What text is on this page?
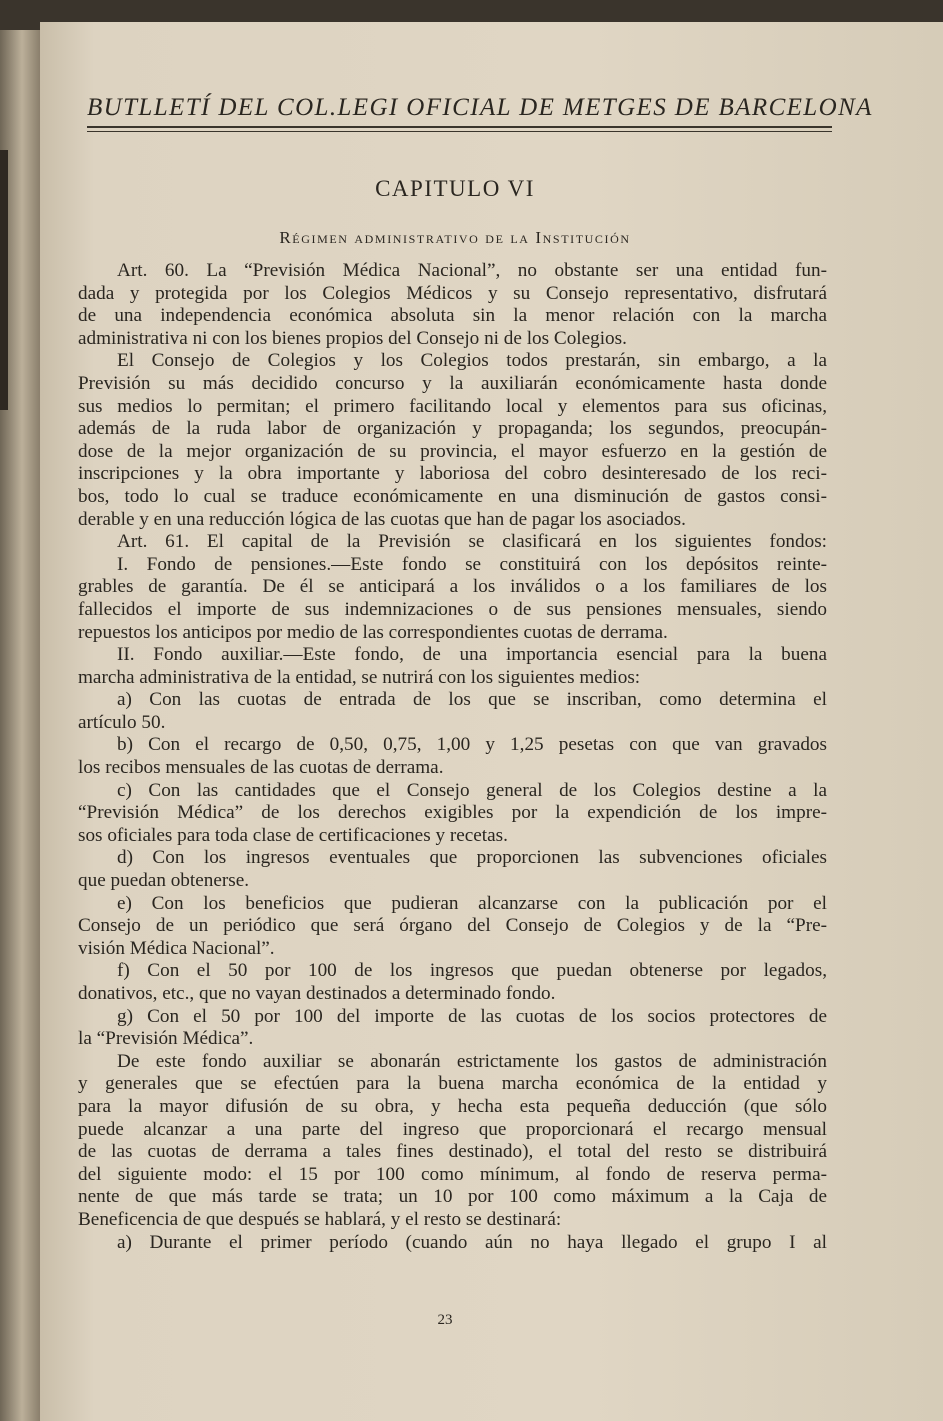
BUTLLETÍ DEL COL.LEGI OFICIAL DE METGES DE BARCELONA
CAPITULO VI
Régimen administrativo de la Institución
Art. 60. La “Previsión Médica Nacional”, no obstante ser una entidad fun-
dada y protegida por los Colegios Médicos y su Consejo representativo, disfrutará
de una independencia económica absoluta sin la menor relación con la marcha
administrativa ni con los bienes propios del Consejo ni de los Colegios.
El Consejo de Colegios y los Colegios todos prestarán, sin embargo, a la
Previsión su más decidido concurso y la auxiliarán económicamente hasta donde
sus medios lo permitan; el primero facilitando local y elementos para sus oficinas,
además de la ruda labor de organización y propaganda; los segundos, preocupán-
dose de la mejor organización de su provincia, el mayor esfuerzo en la gestión de
inscripciones y la obra importante y laboriosa del cobro desinteresado de los reci-
bos, todo lo cual se traduce económicamente en una disminución de gastos consi-
derable y en una reducción lógica de las cuotas que han de pagar los asociados.
Art. 61. El capital de la Previsión se clasificará en los siguientes fondos:
I. Fondo de pensiones.—Este fondo se constituirá con los depósitos reinte-
grables de garantía. De él se anticipará a los inválidos o a los familiares de los
fallecidos el importe de sus indemnizaciones o de sus pensiones mensuales, siendo
repuestos los anticipos por medio de las correspondientes cuotas de derrama.
II. Fondo auxiliar.—Este fondo, de una importancia esencial para la buena
marcha administrativa de la entidad, se nutrirá con los siguientes medios:
a) Con las cuotas de entrada de los que se inscriban, como determina el
artículo 50.
b) Con el recargo de 0,50, 0,75, 1,00 y 1,25 pesetas con que van gravados
los recibos mensuales de las cuotas de derrama.
c) Con las cantidades que el Consejo general de los Colegios destine a la
“Previsión Médica” de los derechos exigibles por la expendición de los impre-
sos oficiales para toda clase de certificaciones y recetas.
d) Con los ingresos eventuales que proporcionen las subvenciones oficiales
que puedan obtenerse.
e) Con los beneficios que pudieran alcanzarse con la publicación por el
Consejo de un periódico que será órgano del Consejo de Colegios y de la “Pre-
visión Médica Nacional”.
f) Con el 50 por 100 de los ingresos que puedan obtenerse por legados,
donativos, etc., que no vayan destinados a determinado fondo.
g) Con el 50 por 100 del importe de las cuotas de los socios protectores de
la “Previsión Médica”.
De este fondo auxiliar se abonarán estrictamente los gastos de administración
y generales que se efectúen para la buena marcha económica de la entidad y
para la mayor difusión de su obra, y hecha esta pequeña deducción (que sólo
puede alcanzar a una parte del ingreso que proporcionará el recargo mensual
de las cuotas de derrama a tales fines destinado), el total del resto se distribuirá
del siguiente modo: el 15 por 100 como mínimum, al fondo de reserva perma-
nente de que más tarde se trata; un 10 por 100 como máximum a la Caja de
Beneficencia de que después se hablará, y el resto se destinará:
a) Durante el primer período (cuando aún no haya llegado el grupo I al
23
